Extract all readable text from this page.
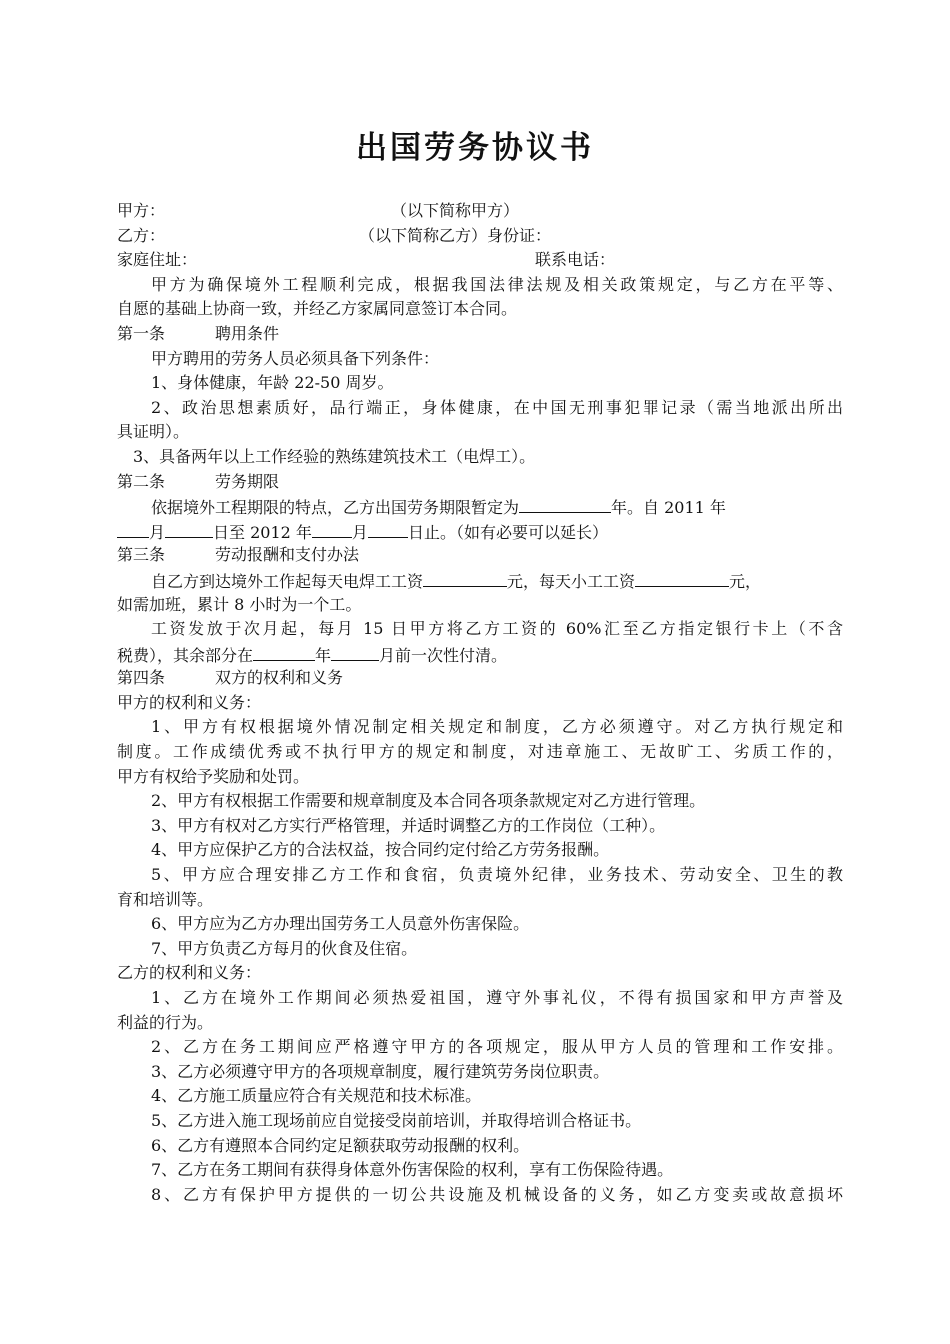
出国劳务协议书
甲方：	（以下简称甲方）
乙方：	（以下简称乙方）身份证：
家庭住址：	联系电话：
甲方为确保境外工程顺利完成，根据我国法律法规及相关政策规定，与乙方在平等、
自愿的基础上协商一致，并经乙方家属同意签订本合同。
第一条	聘用条件
甲方聘用的劳务人员必须具备下列条件：
1、身体健康，年龄 22-50 周岁。
2、政治思想素质好，品行端正，身体健康，在中国无刑事犯罪记录（需当地派出所出
具证明）。
3、具备两年以上工作经验的熟练建筑技术工（电焊工）。
第二条	劳务期限
依据境外工程期限的特点，乙方出国劳务期限暂定为	年。自 2011 年
月	日至 2012 年	月	日止。（如有必要可以延长）
第三条	劳动报酬和支付办法
自乙方到达境外工作起每天电焊工工资	元，每天小工工资	元，
如需加班，累计 8 小时为一个工。
工资发放于次月起，每月 15 日甲方将乙方工资的 60%汇至乙方指定银行卡上（不含
税费），其余部分在	年	月前一次性付清。
第四条	双方的权利和义务
甲方的权利和义务：
1、甲方有权根据境外情况制定相关规定和制度，乙方必须遵守。对乙方执行规定和
制度。工作成绩优秀或不执行甲方的规定和制度，对违章施工、无故旷工、劣质工作的，
甲方有权给予奖励和处罚。
2、甲方有权根据工作需要和规章制度及本合同各项条款规定对乙方进行管理。
3、甲方有权对乙方实行严格管理，并适时调整乙方的工作岗位（工种）。
4、甲方应保护乙方的合法权益，按合同约定付给乙方劳务报酬。
5、甲方应合理安排乙方工作和食宿，负责境外纪律，业务技术、劳动安全、卫生的教
育和培训等。
6、甲方应为乙方办理出国劳务工人员意外伤害保险。
7、甲方负责乙方每月的伙食及住宿。
乙方的权利和义务：
1、乙方在境外工作期间必须热爱祖国，遵守外事礼仪，不得有损国家和甲方声誉及
利益的行为。
2、乙方在务工期间应严格遵守甲方的各项规定，服从甲方人员的管理和工作安排。
3、乙方必须遵守甲方的各项规章制度，履行建筑劳务岗位职责。
4、乙方施工质量应符合有关规范和技术标准。
5、乙方进入施工现场前应自觉接受岗前培训，并取得培训合格证书。
6、乙方有遵照本合同约定足额获取劳动报酬的权利。
7、乙方在务工期间有获得身体意外伤害保险的权利，享有工伤保险待遇。
8、乙方有保护甲方提供的一切公共设施及机械设备的义务，如乙方变卖或故意损坏
